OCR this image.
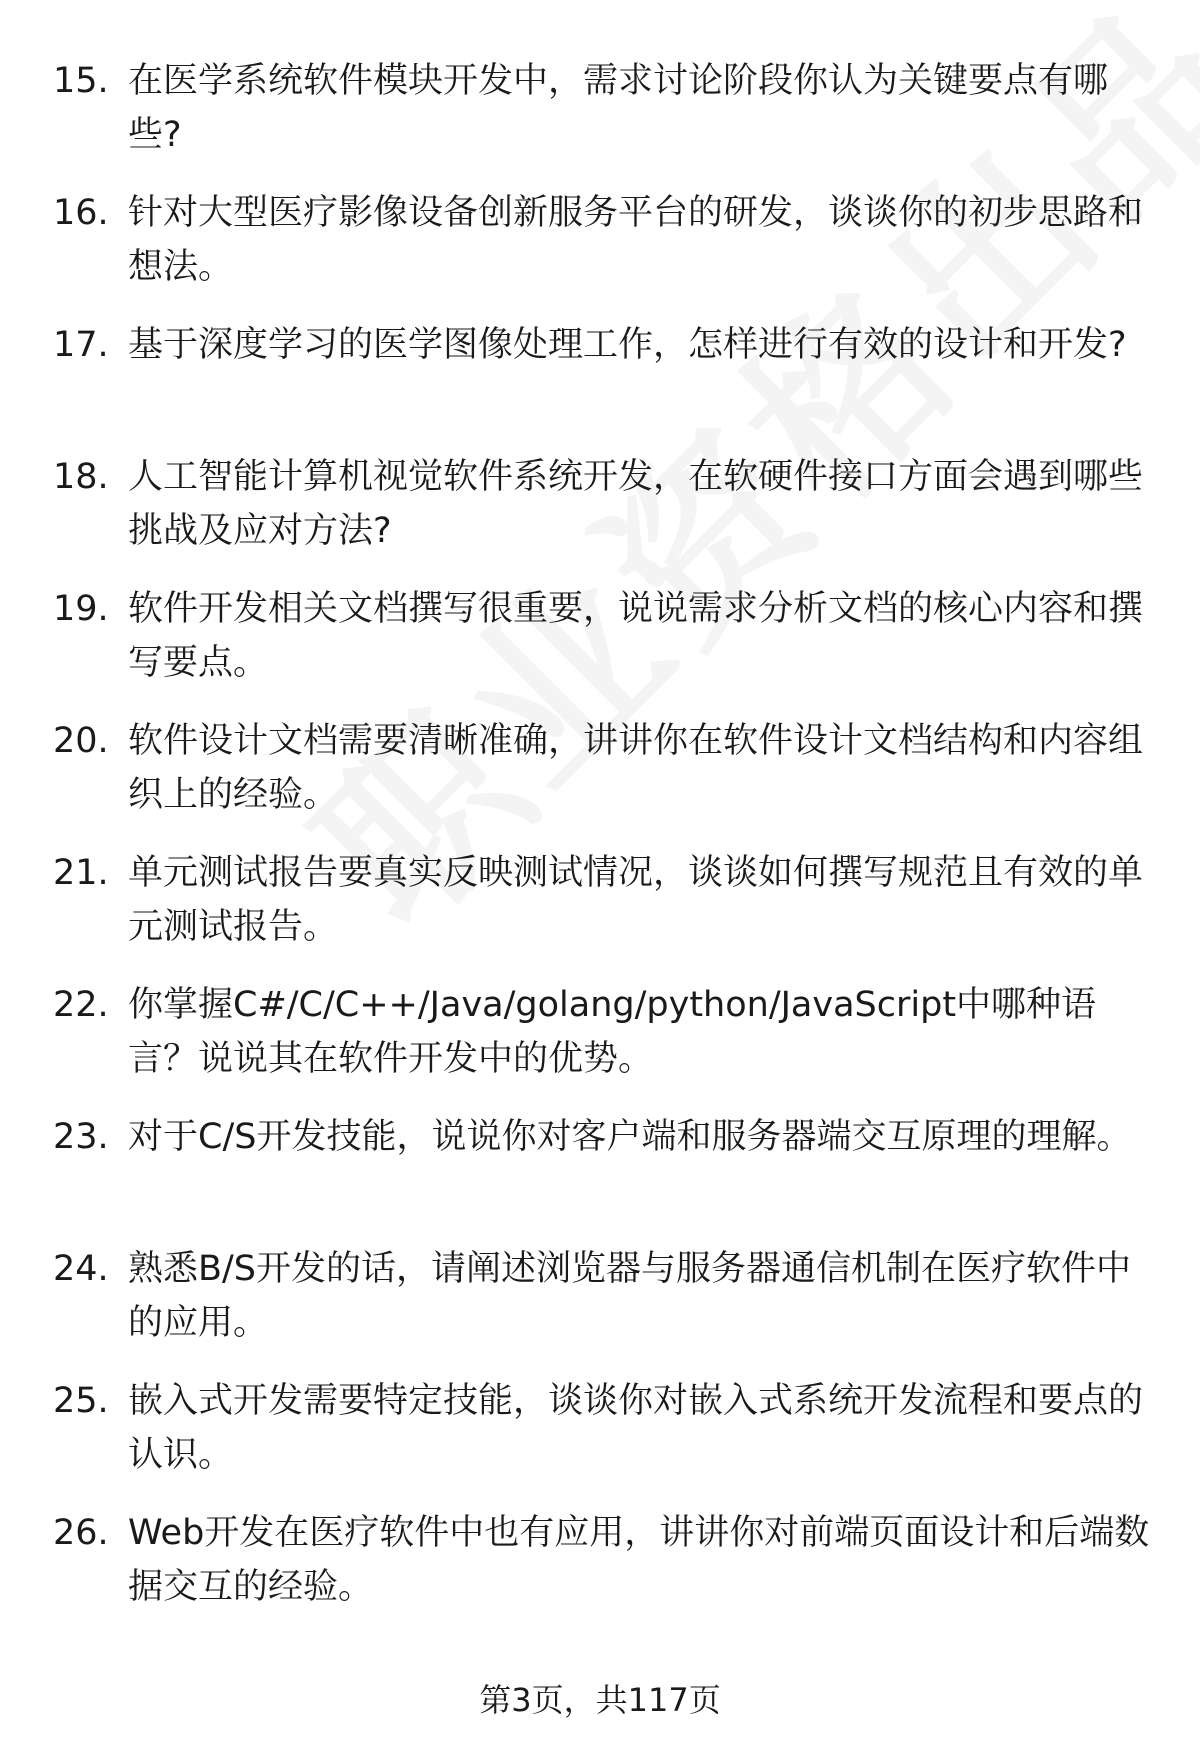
15. 在医学系统软件模块开发中，需求讨论阶段你认为关键要点有哪些?
16. 针对大型医疗影像设备创新服务平台的研发，谈谈你的初步思路和想法。
17. 基于深度学习的医学图像处理工作，怎样进行有效的设计和开发?
18. 人工智能计算机视觉软件系统开发，在软硬件接口方面会遇到哪些挑战及应对方法?
19. 软件开发相关文档撰写很重要，说说需求分析文档的核心内容和撰写要点。
20. 软件设计文档需要清晰准确，讲讲你在软件设计文档结构和内容组织上的经验。
21. 单元测试报告要真实反映测试情况，谈谈如何撰写规范且有效的单元测试报告。
22. 你掌握C#/C/C++/Java/golang/python/JavaScript中哪种语言？说说其在软件开发中的优势。
23. 对于C/S开发技能，说说你对客户端和服务器端交互原理的理解。
24. 熟悉B/S开发的话，请阐述浏览器与服务器通信机制在医疗软件中的应用。
25. 嵌入式开发需要特定技能，谈谈你对嵌入式系统开发流程和要点的认识。
26. Web开发在医疗软件中也有应用，讲讲你对前端页面设计和后端数据交互的经验。
第3页，共117页
